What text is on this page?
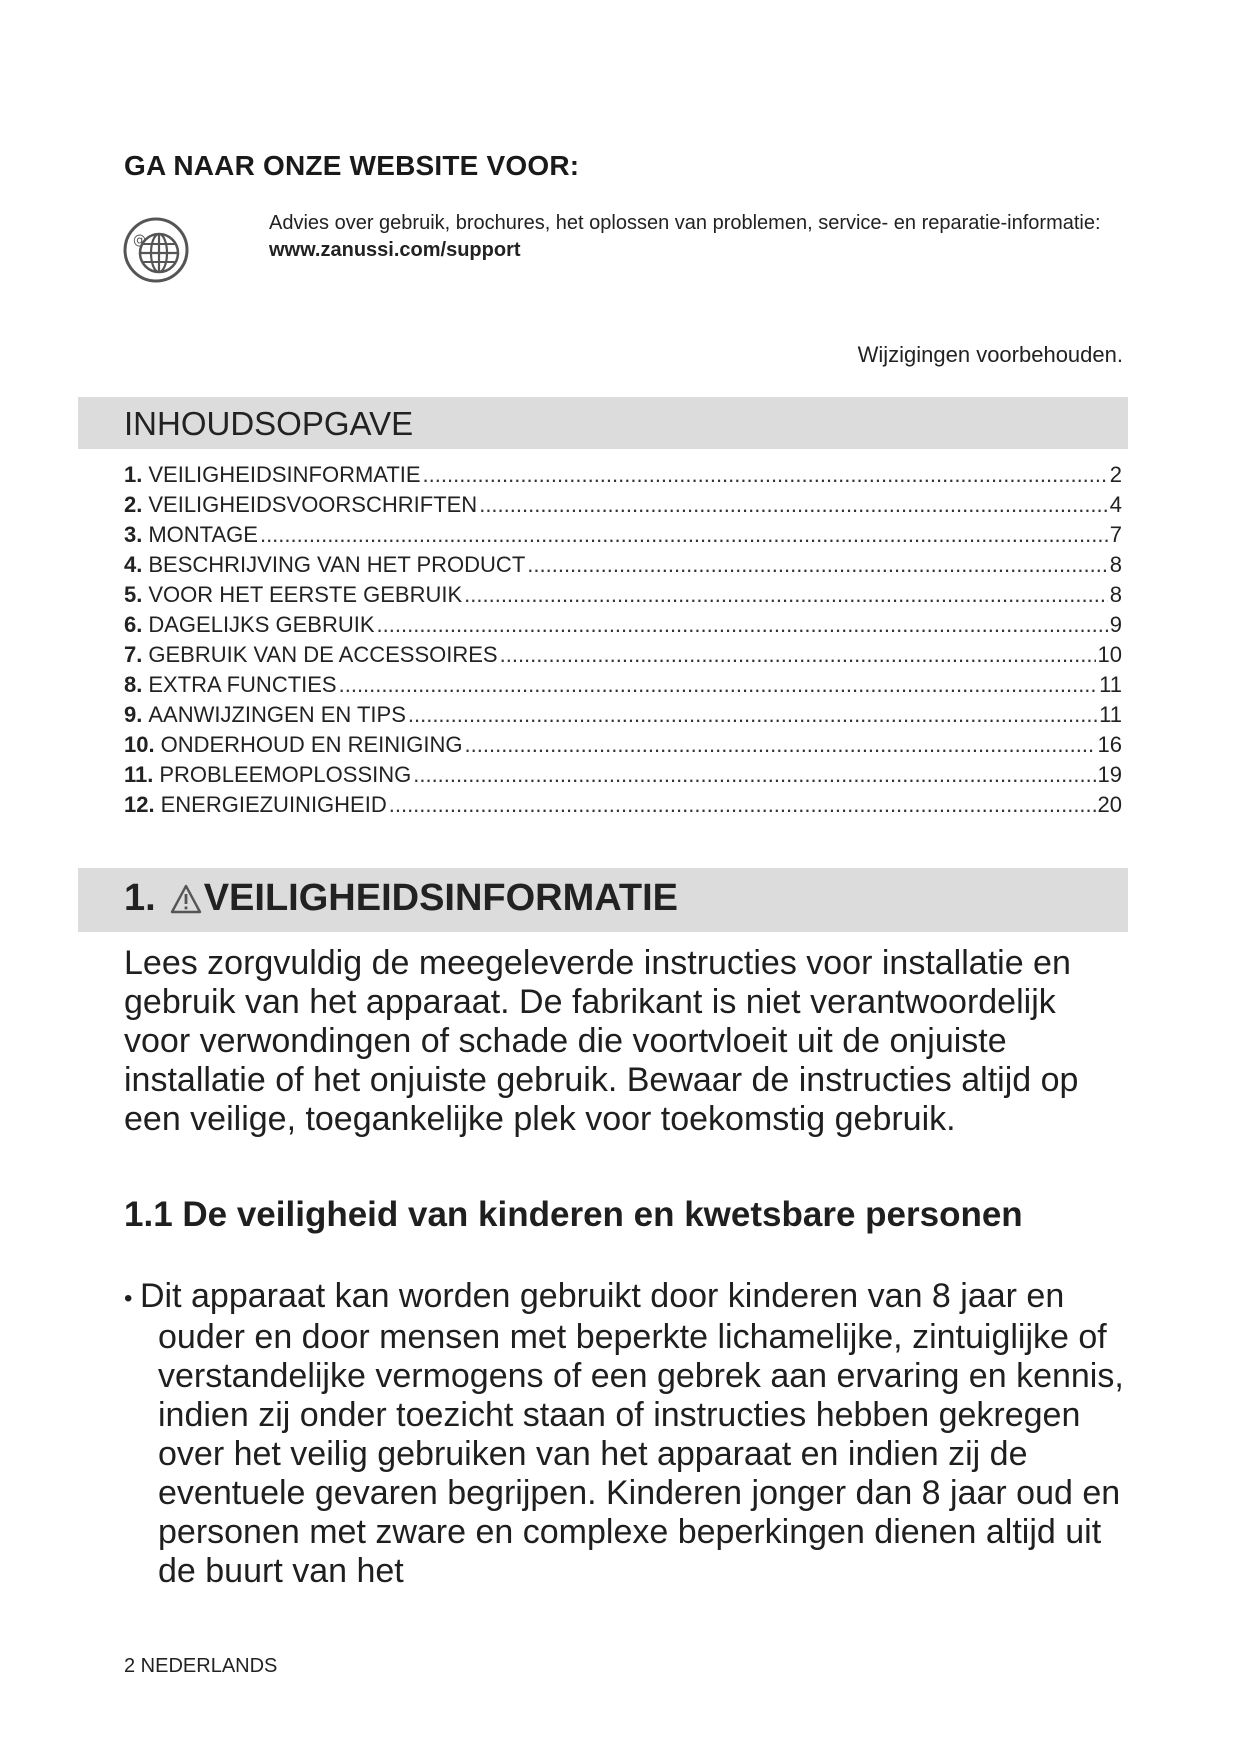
GA NAAR ONZE WEBSITE VOOR:
@
Advies over gebruik, brochures, het oplossen van problemen, service- en reparatie-informatie:
www.zanussi.com/support
Wijzigingen voorbehouden.
INHOUDSOPGAVE
1. VEILIGHEIDSINFORMATIE .....	2
2. VEILIGHEIDSVOORSCHRIFTEN .....	4
3. MONTAGE .....	7
4. BESCHRIJVING VAN HET PRODUCT .....	8
5. VOOR HET EERSTE GEBRUIK .....	8
6. DAGELIJKS GEBRUIK .....	9
7. GEBRUIK VAN DE ACCESSOIRES .....	10
8. EXTRA FUNCTIES .....	11
9. AANWIJZINGEN EN TIPS .....	11
10. ONDERHOUD EN REINIGING .....	16
11. PROBLEEMOPLOSSING .....	19
12. ENERGIEZUINIGHEID .....	20
1. VEILIGHEIDSINFORMATIE
Lees zorgvuldig de meegeleverde instructies voor installatie en gebruik van het apparaat. De fabrikant is niet verantwoordelijk voor verwondingen of schade die voortvloeit uit de onjuiste installatie of het onjuiste gebruik. Bewaar de instructies altijd op een veilige, toegankelijke plek voor toekomstig gebruik.
1.1 De veiligheid van kinderen en kwetsbare personen
• Dit apparaat kan worden gebruikt door kinderen van 8 jaar en ouder en door mensen met beperkte lichamelijke, zintuiglijke of verstandelijke vermogens of een gebrek aan ervaring en kennis, indien zij onder toezicht staan of instructies hebben gekregen over het veilig gebruiken van het apparaat en indien zij de eventuele gevaren begrijpen. Kinderen jonger dan 8 jaar oud en personen met zware en complexe beperkingen dienen altijd uit de buurt van het
2 NEDERLANDS
